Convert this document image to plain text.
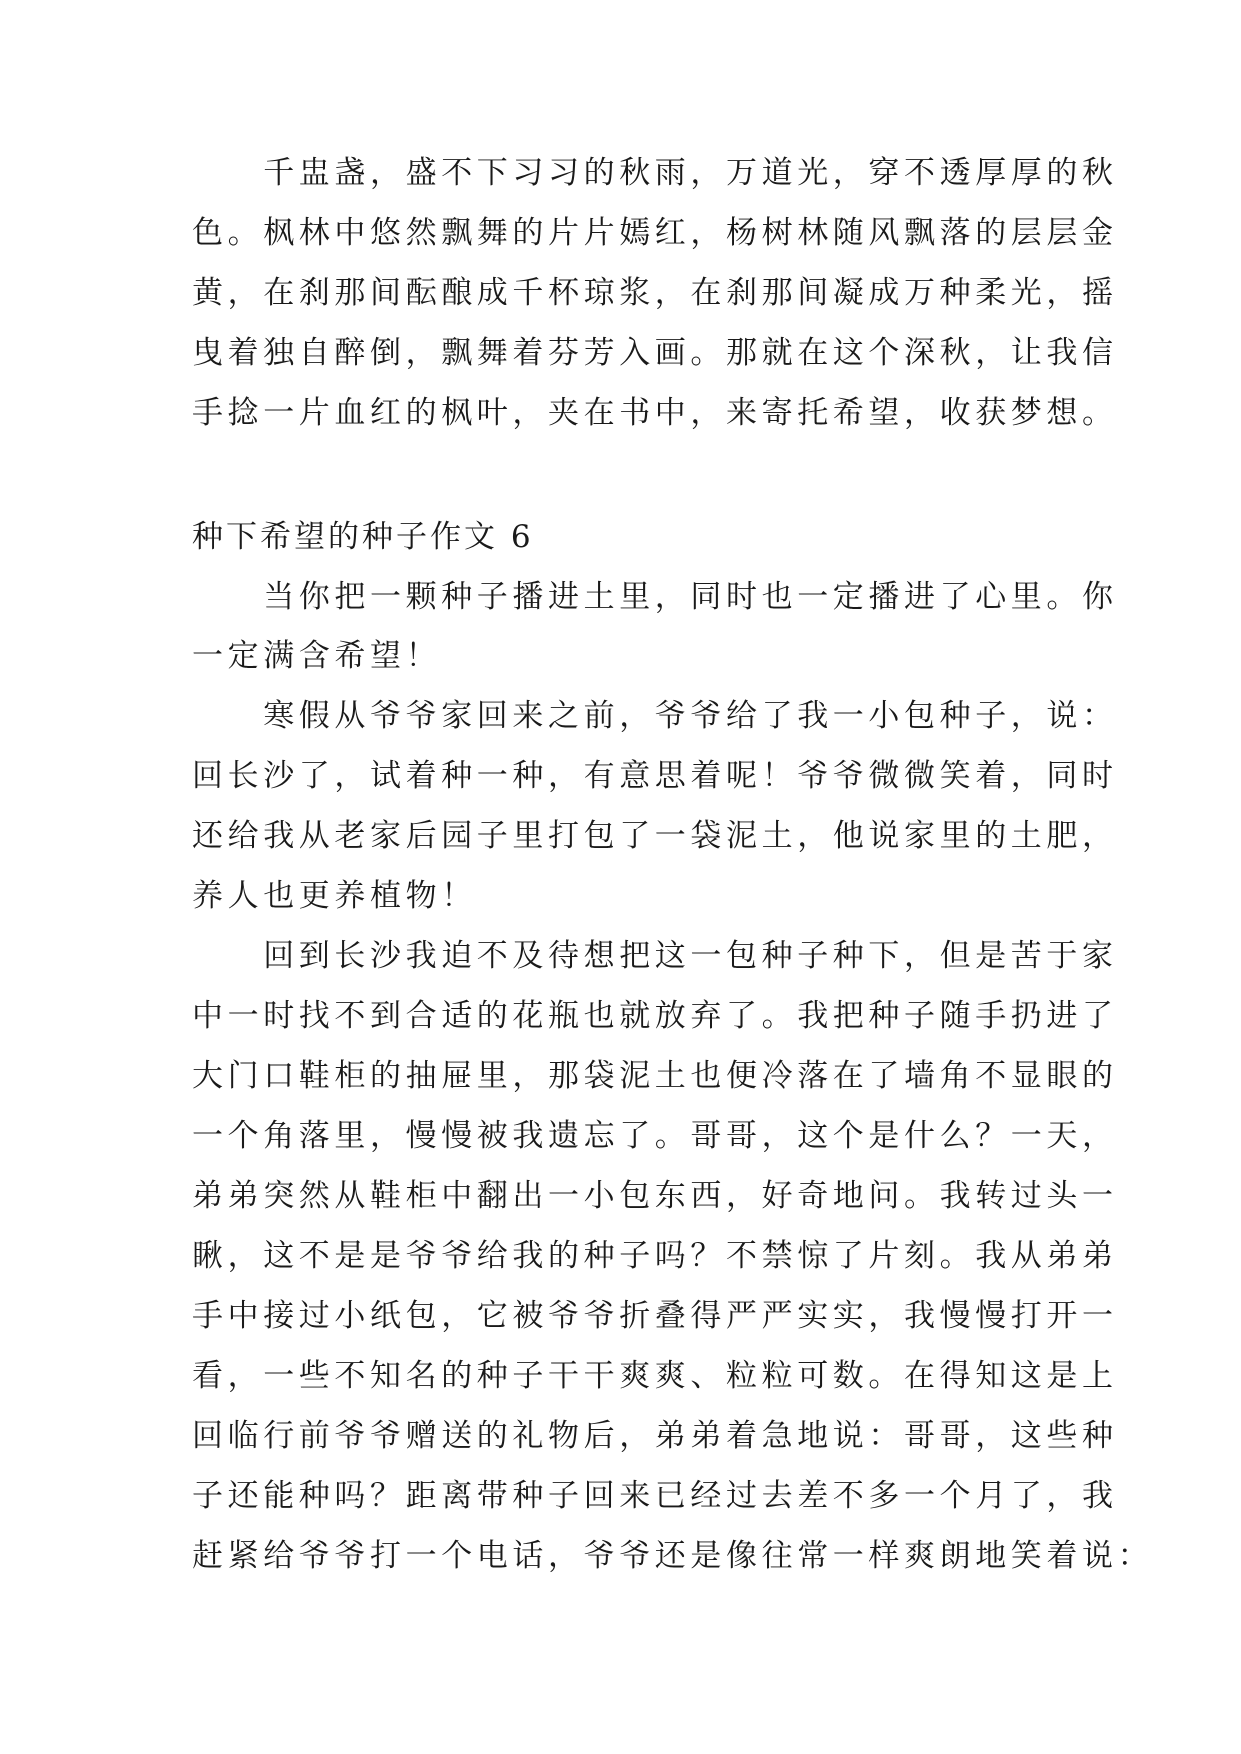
　　千盅盏，盛不下习习的秋雨，万道光，穿不透厚厚的秋
色。枫林中悠然飘舞的片片嫣红，杨树林随风飘落的层层金
黄，在刹那间酝酿成千杯琼浆，在刹那间凝成万种柔光，摇
曳着独自醉倒，飘舞着芬芳入画。那就在这个深秋，让我信
手捻一片血红的枫叶，夹在书中，来寄托希望，收获梦想。
种下希望的种子作文 6
　　当你把一颗种子播进土里，同时也一定播进了心里。你
一定满含希望！
　　寒假从爷爷家回来之前，爷爷给了我一小包种子，说：
回长沙了，试着种一种，有意思着呢！爷爷微微笑着，同时
还给我从老家后园子里打包了一袋泥土，他说家里的土肥，
养人也更养植物！
　　回到长沙我迫不及待想把这一包种子种下，但是苦于家
中一时找不到合适的花瓶也就放弃了。我把种子随手扔进了
大门口鞋柜的抽屉里，那袋泥土也便冷落在了墙角不显眼的
一个角落里，慢慢被我遗忘了。哥哥，这个是什么？一天，
弟弟突然从鞋柜中翻出一小包东西，好奇地问。我转过头一
瞅，这不是是爷爷给我的种子吗？不禁惊了片刻。我从弟弟
手中接过小纸包，它被爷爷折叠得严严实实，我慢慢打开一
看，一些不知名的种子干干爽爽、粒粒可数。在得知这是上
回临行前爷爷赠送的礼物后，弟弟着急地说：哥哥，这些种
子还能种吗？距离带种子回来已经过去差不多一个月了，我
赶紧给爷爷打一个电话，爷爷还是像往常一样爽朗地笑着说：
